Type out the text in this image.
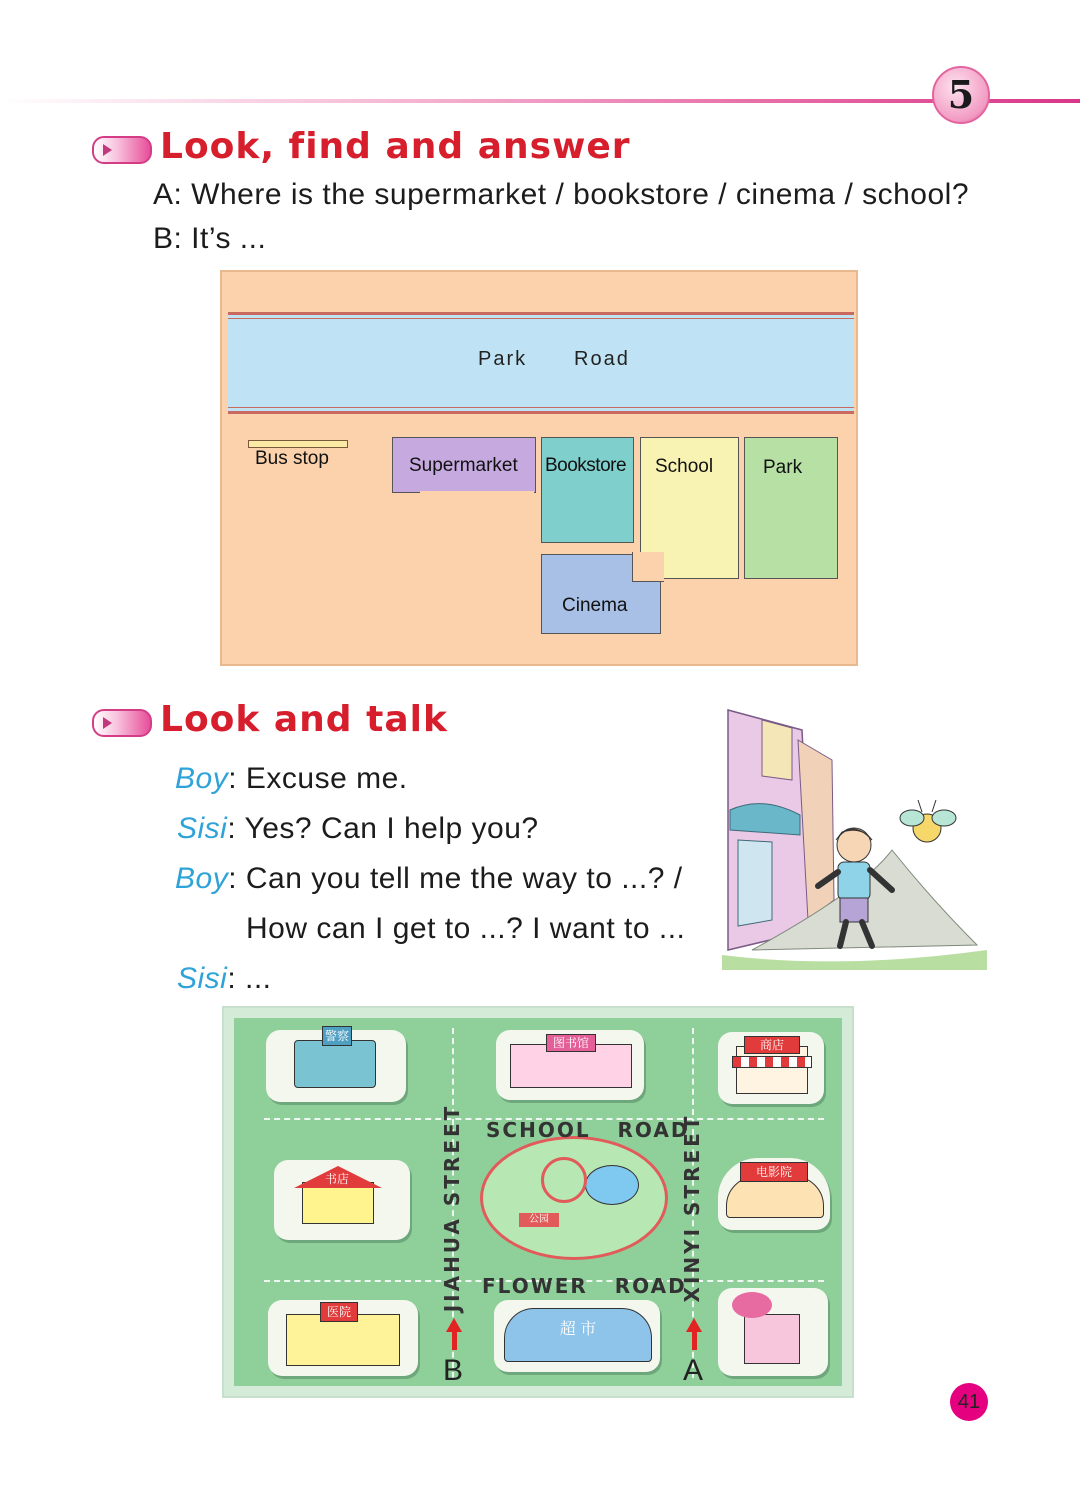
5
Look, find and answer
A: Where is the supermarket / bookstore / cinema / school?
B: It’s ...
Park Road
Bus stop	Supermarket Bookstore School	Park
Cinema
Look and talk
Boy: Excuse me.
Sisi: Yes? Can I help you?
Boy: Can you tell me the way to ...? /
How can I get to ...? I want to ...
Sisi: ...
警察	图书馆	商店
书店
公园
电影院
医院
超 市
SCHOOL ROAD
FLOWER ROAD
JIAHUA STREET	XINYI STREET
B	A
41
